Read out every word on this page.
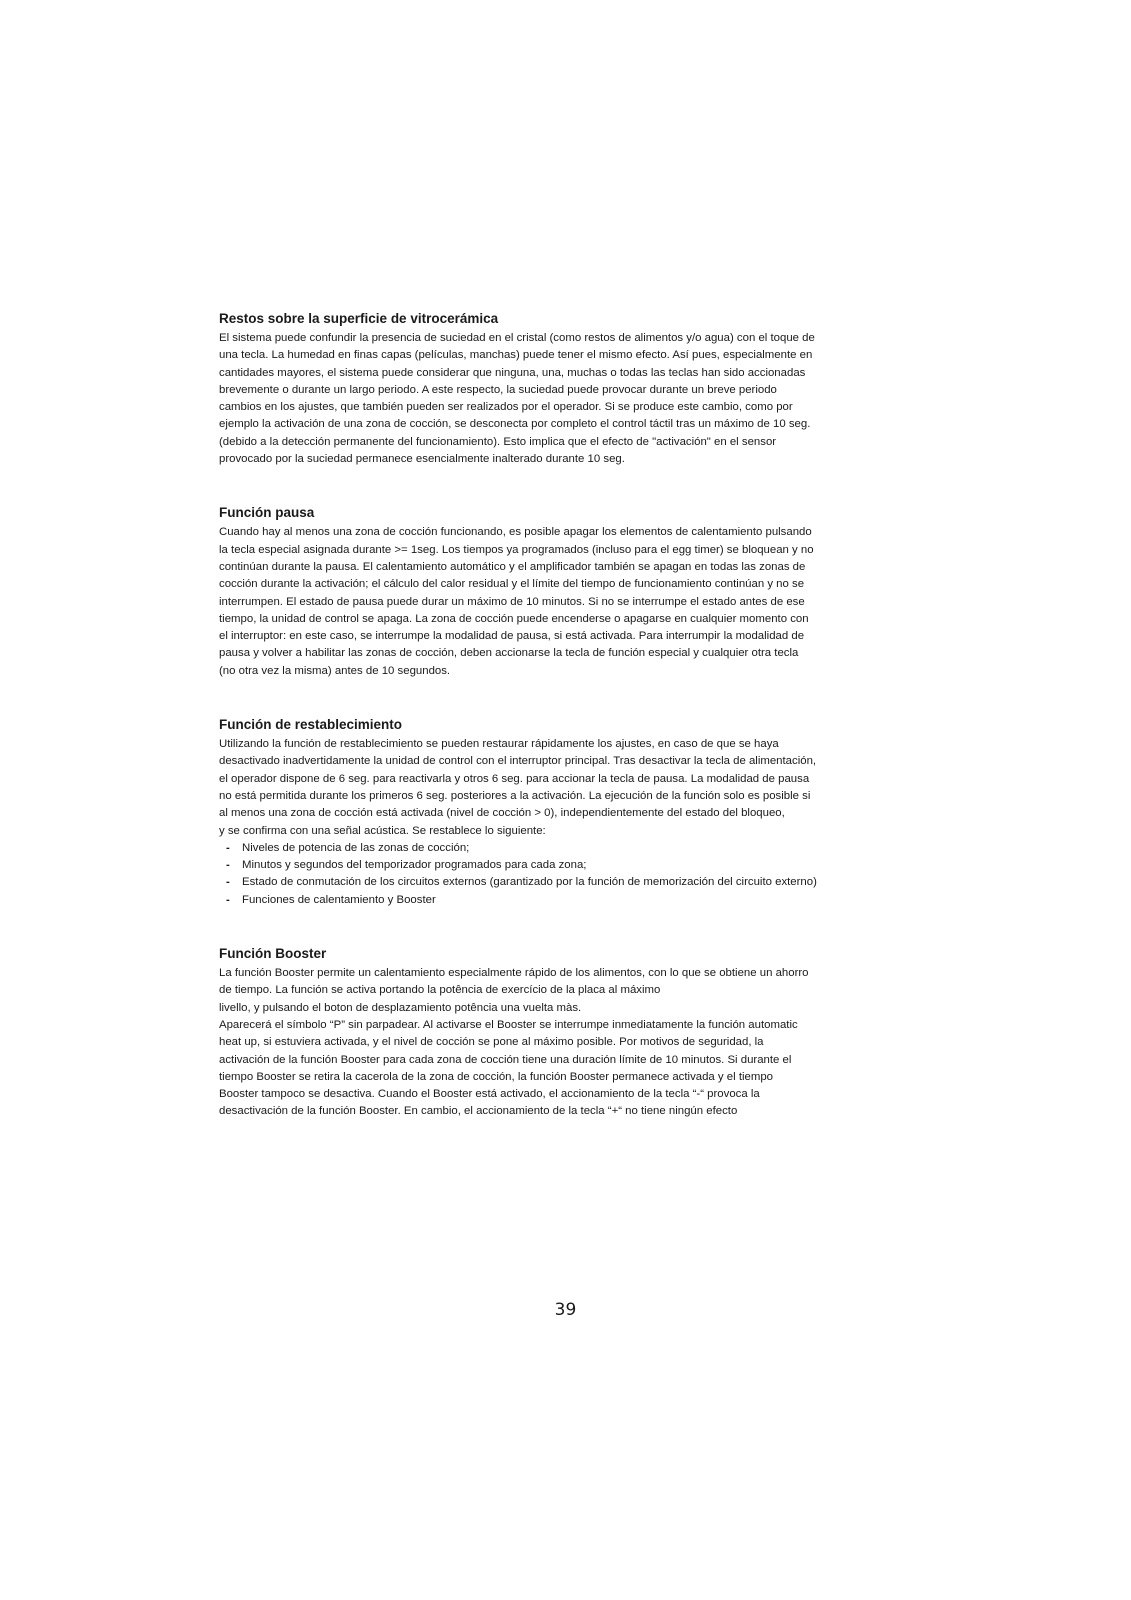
Restos sobre la superficie de vitrocerámica

El sistema puede confundir la presencia de suciedad en el cristal (como restos de alimentos y/o agua) con el toque de
una tecla. La humedad en finas capas (películas, manchas) puede tener el mismo efecto. Así pues, especialmente en
cantidades mayores, el sistema puede considerar que ninguna, una, muchas o todas las teclas han sido accionadas
brevemente o durante un largo periodo. A este respecto, la suciedad puede provocar durante un breve periodo
cambios en los ajustes, que también pueden ser realizados por el operador. Si se produce este cambio, como por
ejemplo la activación de una zona de cocción, se desconecta por completo el control táctil tras un máximo de 10 seg.
(debido a la detección permanente del funcionamiento). Esto implica que el efecto de "activación" en el sensor
provocado por la suciedad permanece esencialmente inalterado durante 10 seg.

Función pausa

Cuando hay al menos una zona de cocción funcionando, es posible apagar los elementos de calentamiento pulsando
la tecla especial asignada durante >= 1seg. Los tiempos ya programados (incluso para el egg timer) se bloquean y no
continúan durante la pausa. El calentamiento automático y el amplificador también se apagan en todas las zonas de
cocción durante la activación; el cálculo del calor residual y el límite del tiempo de funcionamiento continúan y no se
interrumpen. El estado de pausa puede durar un máximo de 10 minutos. Si no se interrumpe el estado antes de ese
tiempo, la unidad de control se apaga. La zona de cocción puede encenderse o apagarse en cualquier momento con
el interruptor: en este caso, se interrumpe la modalidad de pausa, si está activada. Para interrumpir la modalidad de
pausa y volver a habilitar las zonas de cocción, deben accionarse la tecla de función especial y cualquier otra tecla
(no otra vez la misma) antes de 10 segundos.

Función de restablecimiento

Utilizando la función de restablecimiento se pueden restaurar rápidamente los ajustes, en caso de que se haya
desactivado inadvertidamente la unidad de control con el interruptor principal. Tras desactivar la tecla de alimentación,
el operador dispone de 6 seg. para reactivarla y otros 6 seg. para accionar la tecla de pausa. La modalidad de pausa
no está permitida durante los primeros 6 seg. posteriores a la activación. La ejecución de la función solo es posible si
al menos una zona de cocción está activada (nivel de cocción > 0), independientemente del estado del bloqueo,
y se confirma con una señal acústica. Se restablece lo siguiente:

- Niveles de potencia de las zonas de cocción;
- Minutos y segundos del temporizador programados para cada zona;
- Estado de conmutación de los circuitos externos (garantizado por la función de memorización del circuito externo)
- Funciones de calentamiento y Booster
Función Booster

La función Booster permite un calentamiento especialmente rápido de los alimentos, con lo que se obtiene un ahorro
de tiempo. La función se activa portando la potência de exercício de la placa al máximo
livello, y pulsando el boton de desplazamiento potência una vuelta màs.
Aparecerá el símbolo “P” sin parpadear. Al activarse el Booster se interrumpe inmediatamente la función automatic
heat up, si estuviera activada, y el nivel de cocción se pone al máximo posible. Por motivos de seguridad, la
activación de la función Booster para cada zona de cocción tiene una duración límite de 10 minutos. Si durante el
tiempo Booster se retira la cacerola de la zona de cocción, la función Booster permanece activada y el tiempo
Booster tampoco se desactiva. Cuando el Booster está activado, el accionamiento de la tecla “-“ provoca la
desactivación de la función Booster. En cambio, el accionamiento de la tecla “+“ no tiene ningún efecto

39
